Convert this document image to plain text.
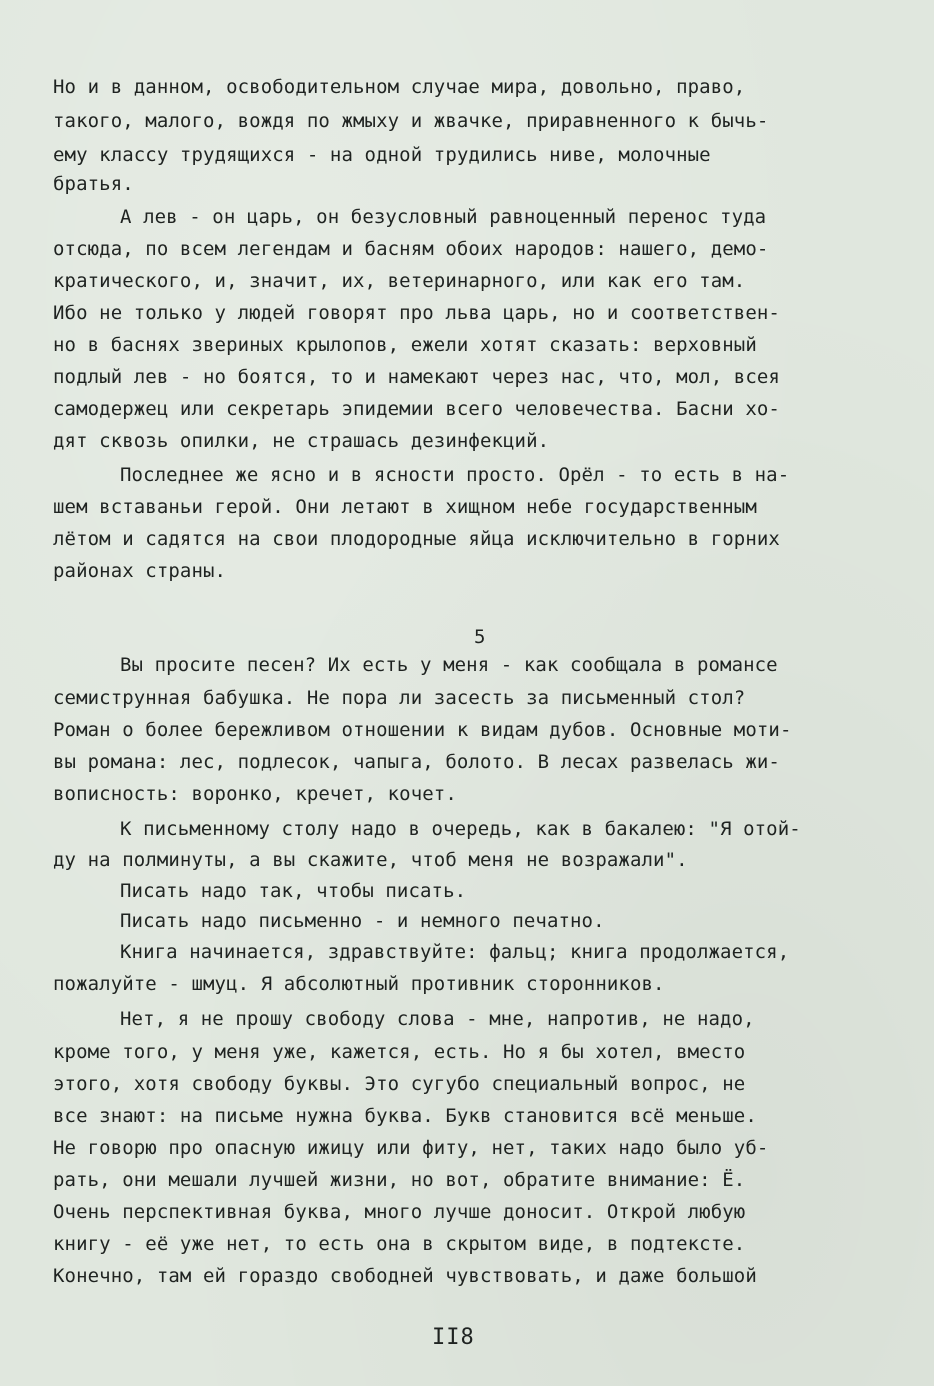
Но и в данном, освободительном случае мира, довольно, право,

такого, малого, вождя по жмыху и жвачке, приравненного к бычь-

ему классу трудящихся - на одной трудились ниве, молочные

братья.

А лев - он царь, он безусловный равноценный перенос туда

отсюда, по всем легендам и басням обоих народов: нашего, демо-

кратического, и, значит, их, ветеринарного, или как его там.

Ибо не только у людей говорят про льва царь, но и соответствен-

но в баснях звериных крылопов, ежели хотят сказать: верховный

подлый лев - но боятся, то и намекают через нас, что, мол, всея

самодержец или секретарь эпидемии всего человечества. Басни хо-

дят сквозь опилки, не страшась дезинфекций.

Последнее же ясно и в ясности просто. Орёл - то есть в на-

шем вставаньи герой. Они летают в хищном небе государственным

лётом и садятся на свои плодородные яйца исключительно в горних

районах страны.

5

Вы просите песен? Их есть у меня - как сообщала в романсе

семиструнная бабушка. Не пора ли засесть за письменный стол?

Роман о более бережливом отношении к видам дубов. Основные моти-

вы романа: лес, подлесок, чапыга, болото. В лесах развелась жи-

вописность: воронко, кречет, кочет.

К письменному столу надо в очередь, как в бакалею: "Я отой-

ду на полминуты, а вы скажите, чтоб меня не возражали".

Писать надо так, чтобы писать.

Писать надо письменно - и немного печатно.

Книга начинается, здравствуйте: фальц; книга продолжается,

пожалуйте - шмуц. Я абсолютный противник сторонников.

Нет, я не прошу свободу слова - мне, напротив, не надо,

кроме того, у меня уже, кажется, есть. Но я бы хотел, вместо

этого, хотя свободу буквы. Это сугубо специальный вопрос, не

все знают: на письме нужна буква. Букв становится всё меньше.

Не говорю про опасную ижицу или фиту, нет, таких надо было уб-

рать, они мешали лучшей жизни, но вот, обратите внимание: Ё.

Очень перспективная буква, много лучше доносит. Открой любую

книгу - её уже нет, то есть она в скрытом виде, в подтексте.

Конечно, там ей гораздо свободней чувствовать, и даже большой

II8
